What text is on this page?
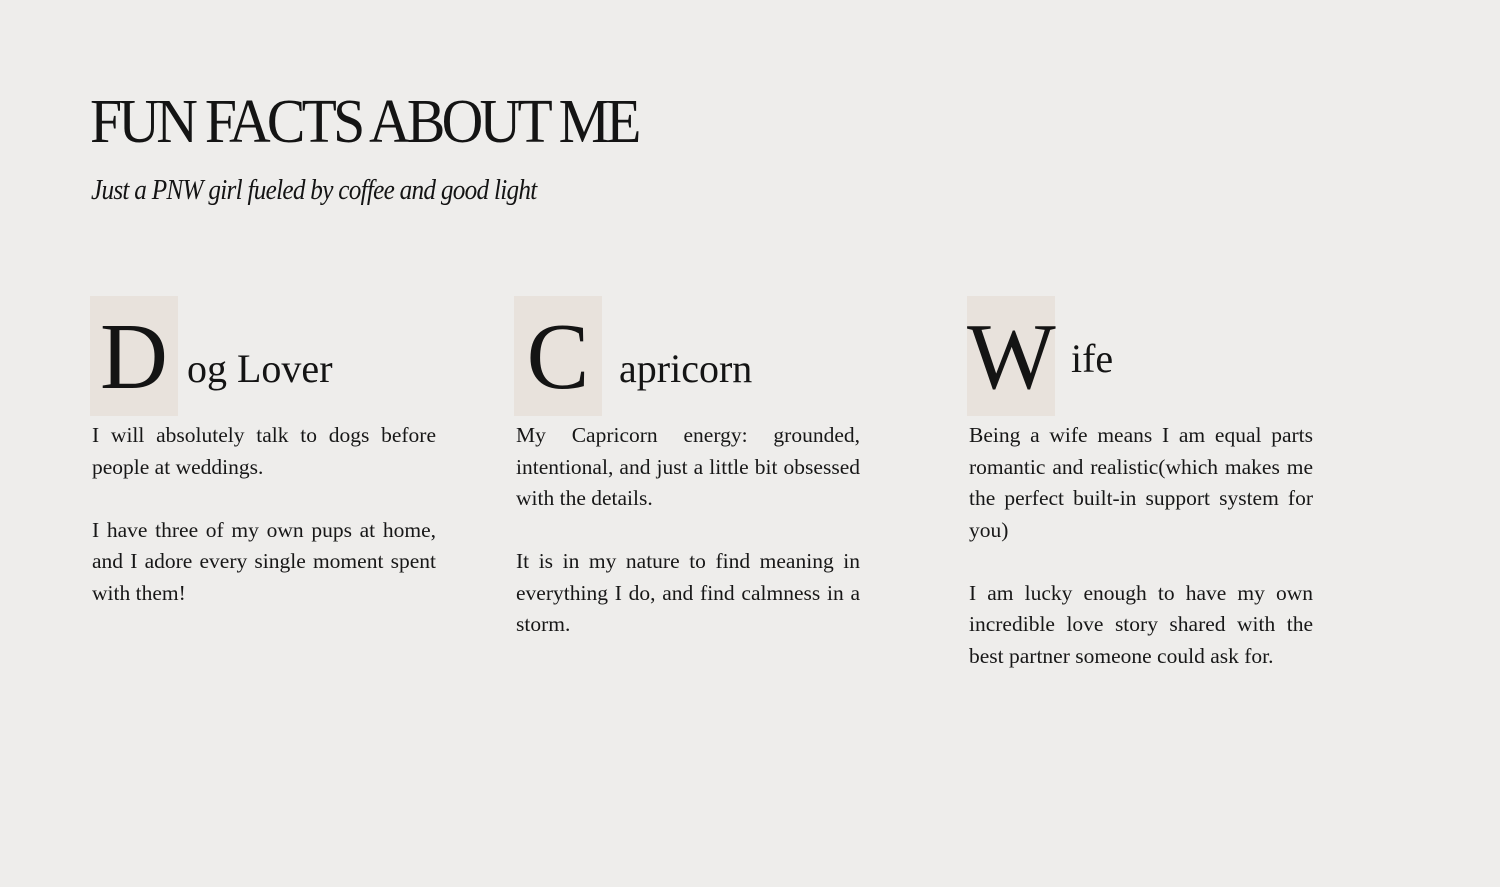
FUN FACTS ABOUT ME

Just a PNW girl fueled by coffee and good light

D og Lover

I will absolutely talk to dogs before people at weddings.

I have three of my own pups at home, and I adore every single moment spent with them!

C apricorn

My Capricorn energy: grounded, intentional, and just a little bit obsessed with the details.

It is in my nature to find meaning in everything I do, and find calmness in a storm.

W ife

Being a wife means I am equal parts romantic and realistic(which makes me the perfect built-in support system for you)

I am lucky enough to have my own incredible love story shared with the best partner someone could ask for.
